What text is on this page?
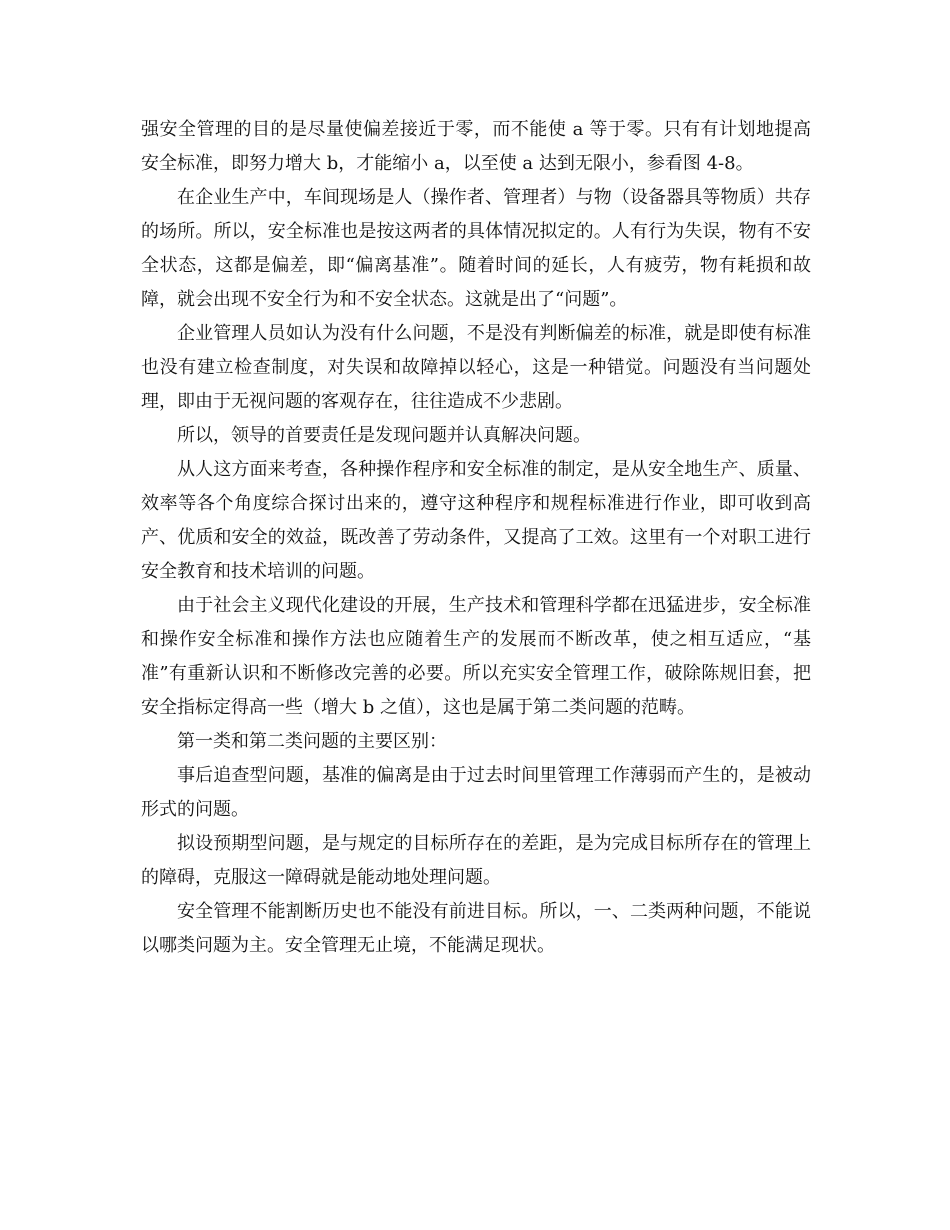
强安全管理的目的是尽量使偏差接近于零，而不能使 a 等于零。只有有计划地提高安全标准，即努力增大 b，才能缩小 a，以至使 a 达到无限小，参看图 4-8。

在企业生产中，车间现场是人（操作者、管理者）与物（设备器具等物质）共存的场所。所以，安全标准也是按这两者的具体情况拟定的。人有行为失误，物有不安全状态，这都是偏差，即“偏离基准”。随着时间的延长，人有疲劳，物有耗损和故障，就会出现不安全行为和不安全状态。这就是出了“问题”。

企业管理人员如认为没有什么问题，不是没有判断偏差的标准，就是即使有标准也没有建立检查制度，对失误和故障掉以轻心，这是一种错觉。问题没有当问题处理，即由于无视问题的客观存在，往往造成不少悲剧。

所以，领导的首要责任是发现问题并认真解决问题。

从人这方面来考查，各种操作程序和安全标准的制定，是从安全地生产、质量、效率等各个角度综合探讨出来的，遵守这种程序和规程标准进行作业，即可收到高产、优质和安全的效益，既改善了劳动条件，又提高了工效。这里有一个对职工进行安全教育和技术培训的问题。

由于社会主义现代化建设的开展，生产技术和管理科学都在迅猛进步，安全标准和操作安全标准和操作方法也应随着生产的发展而不断改革，使之相互适应，“基准”有重新认识和不断修改完善的必要。所以充实安全管理工作，破除陈规旧套，把安全指标定得高一些（增大 b 之值），这也是属于第二类问题的范畴。

第一类和第二类问题的主要区别：

事后追查型问题，基准的偏离是由于过去时间里管理工作薄弱而产生的，是被动形式的问题。

拟设预期型问题，是与规定的目标所存在的差距，是为完成目标所存在的管理上的障碍，克服这一障碍就是能动地处理问题。

安全管理不能割断历史也不能没有前进目标。所以，一、二类两种问题，不能说以哪类问题为主。安全管理无止境，不能满足现状。
